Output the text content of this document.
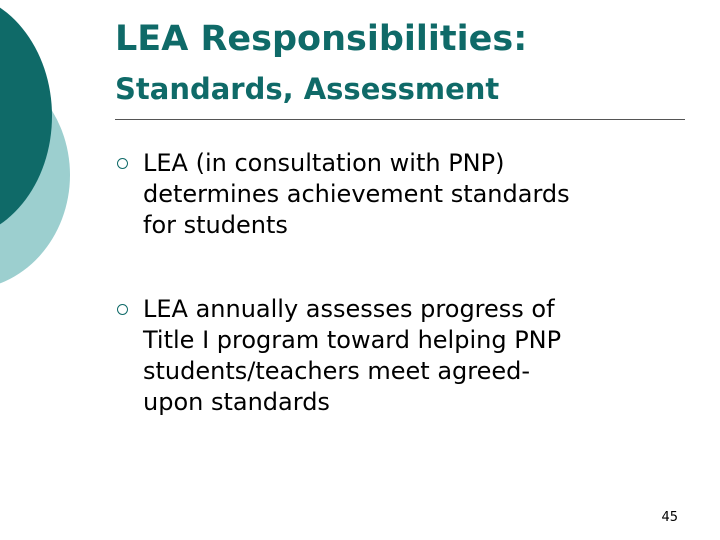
LEA Responsibilities:
Standards, Assessment
LEA (in consultation with PNP)
determines achievement standards
for students
LEA annually assesses progress of
Title I program toward helping PNP
students/teachers meet agreed-
upon standards
45
